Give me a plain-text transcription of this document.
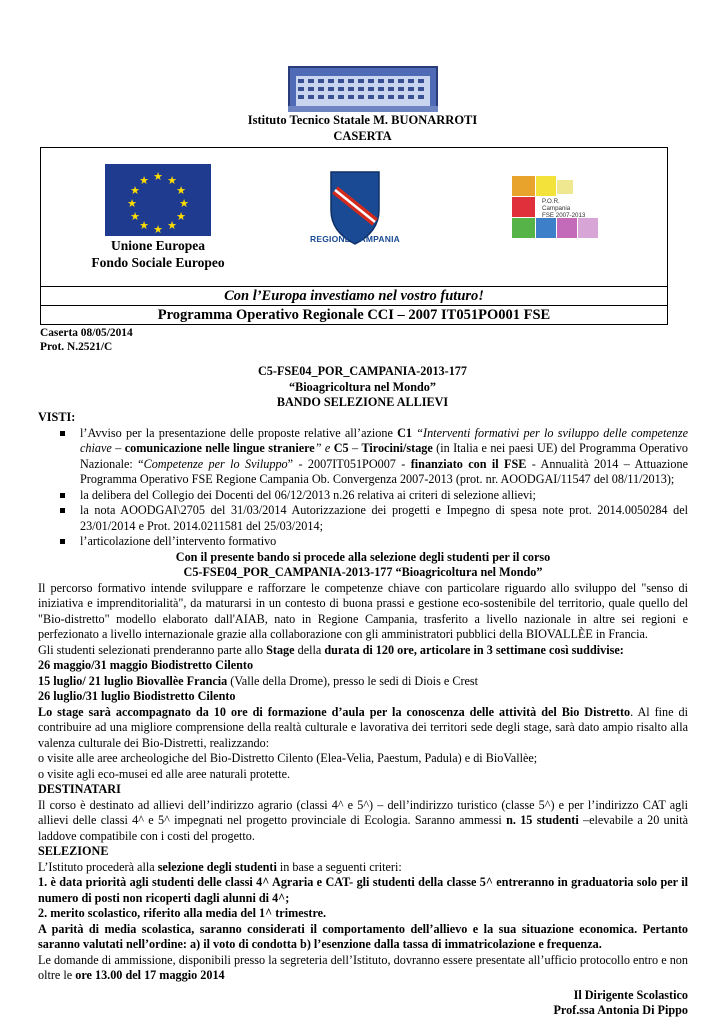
Istituto Tecnico Statale M. BUONARROTI
CASERTA
★ ★
★
★
★
★
★
★
★
★
★
★
Unione Europea
Fondo Sociale Europeo
REGIONE CAMPANIA
P.O.R.
Campania
FSE 2007-2013
Con l’Europa investiamo nel vostro futuro!
Programma Operativo Regionale CCI – 2007 IT051PO001 FSE
Caserta 08/05/2014
Prot. N.2521/C
C5-FSE04_POR_CAMPANIA-2013-177
“Bioagricoltura nel Mondo”
BANDO SELEZIONE ALLIEVI
VISTI:
l’Avviso per la presentazione delle proposte relative all’azione C1 “Interventi formativi per lo sviluppo delle competenze chiave – comunicazione nelle lingue straniere” e C5 – Tirocini/stage (in Italia e nei paesi UE) del Programma Operativo Nazionale: “Competenze per lo Sviluppo” - 2007IT051PO007 - finanziato con il FSE - Annualità 2014 – Attuazione Programma Operativo FSE Regione Campania Ob. Convergenza 2007-2013 (prot. nr. AOODGAI/11547 del 08/11/2013);
la delibera del Collegio dei Docenti del 06/12/2013 n.26 relativa ai criteri di selezione allievi;
la nota AOODGAI\2705 del 31/03/2014 Autorizzazione dei progetti e Impegno di spesa note prot. 2014.0050284 del 23/01/2014 e Prot. 2014.0211581 del 25/03/2014;
l’articolazione dell’intervento formativo
Con il presente bando si procede alla selezione degli studenti per il corso
C5-FSE04_POR_CAMPANIA-2013-177 “Bioagricoltura nel Mondo”
Il percorso formativo intende sviluppare e rafforzare le competenze chiave con particolare riguardo allo sviluppo del "senso di iniziativa e imprenditorialità", da maturarsi in un contesto di buona prassi e gestione eco-sostenibile del territorio, quale quello del "Bio-distretto" modello elaborato dall'AIAB, nato in Regione Campania, trasferito a livello nazionale in altre sei regioni e perfezionato a livello internazionale grazie alla collaborazione con gli amministratori pubblici della BIOVALLÈE in Francia.
Gli studenti selezionati prenderanno parte allo Stage della durata di 120 ore, articolare in 3 settimane così suddivise:
26 maggio/31 maggio Biodistretto Cilento
15 luglio/ 21 luglio Biovallèe Francia (Valle della Drome), presso le sedi di Diois e Crest
26 luglio/31 luglio Biodistretto Cilento
Lo stage sarà accompagnato da 10 ore di formazione d’aula per la conoscenza delle attività del Bio Distretto. Al fine di contribuire ad una migliore comprensione della realtà culturale e lavorativa dei territori sede degli stage, sarà dato ampio risalto alla valenza culturale dei Bio-Distretti, realizzando:
o visite alle aree archeologiche del Bio-Distretto Cilento (Elea-Velia, Paestum, Padula) e di BioVallèe;
o visite agli eco-musei ed alle aree naturali protette.
DESTINATARI
Il corso è destinato ad allievi dell’indirizzo agrario (classi 4^ e 5^) – dell’indirizzo turistico (classe 5^) e per l’indirizzo CAT agli allievi delle classi 4^ e 5^ impegnati nel progetto provinciale di Ecologia. Saranno ammessi n. 15 studenti –elevabile a 20 unità laddove compatibile con i costi del progetto.
SELEZIONE
L’Istituto procederà alla selezione degli studenti in base a seguenti criteri:
1. è data priorità agli studenti delle classi 4^ Agraria e CAT- gli studenti della classe 5^ entreranno in graduatoria solo per il numero di posti non ricoperti dagli alunni di 4^;
2. merito scolastico, riferito alla media del 1^ trimestre.
A parità di media scolastica, saranno considerati il comportamento dell’allievo e la sua situazione economica. Pertanto saranno valutati nell’ordine: a) il voto di condotta b) l’esenzione dalla tassa di immatricolazione e frequenza.
Le domande di ammissione, disponibili presso la segreteria dell’Istituto, dovranno essere presentate all’ufficio protocollo entro e non oltre le ore 13.00 del 17 maggio 2014
Il Dirigente Scolastico
Prof.ssa Antonia Di Pippo
